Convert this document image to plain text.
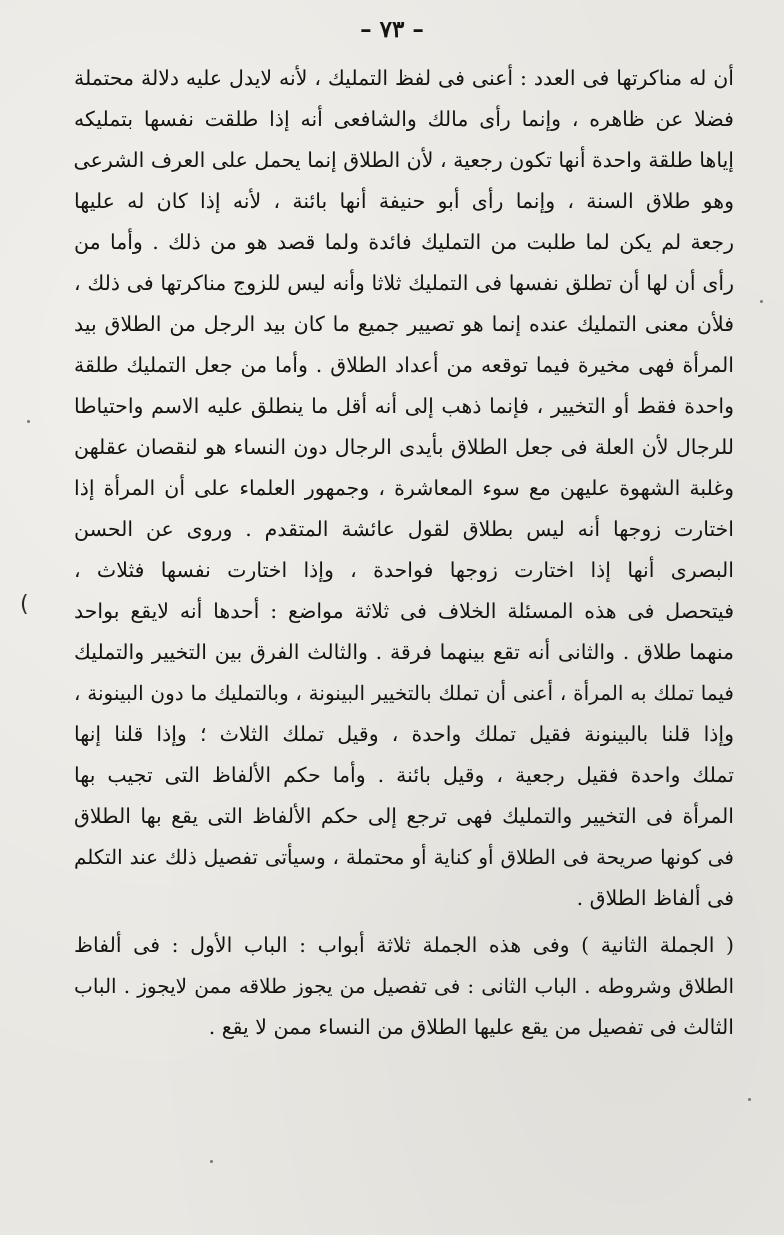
– ٧٣ –
(
أن له مناكرتها فى العدد : أعنى فى لفظ التمليك ، لأنه لايدل عليه دلالة محتملة
فضلا عن ظاهره ، وإنما رأى مالك والشافعى أنه إذا طلقت نفسها بتمليكه
إياها طلقة واحدة أنها تكون رجعية ، لأن الطلاق إنما يحمل على العرف الشرعى
وهو طلاق السنة ، وإنما رأى أبو حنيفة أنها بائنة ، لأنه إذا كان له عليها
رجعة لم يكن لما طلبت من التمليك فائدة ولما قصد هو من ذلك . وأما من
رأى أن لها أن تطلق نفسها فى التمليك ثلاثا وأنه ليس للزوج مناكرتها فى ذلك ،
فلأن معنى التمليك عنده إنما هو تصيير جميع ما كان بيد الرجل من الطلاق بيد
المرأة فهى مخيرة فيما توقعه من أعداد الطلاق . وأما من جعل التمليك طلقة
واحدة فقط أو التخيير ، فإنما ذهب إلى أنه أقل ما ينطلق عليه الاسم واحتياطا
للرجال لأن العلة فى جعل الطلاق بأيدى الرجال دون النساء هو لنقصان عقلهن
وغلبة الشهوة عليهن مع سوء المعاشرة ، وجمهور العلماء على أن المرأة إذا
اختارت زوجها أنه ليس بطلاق لقول عائشة المتقدم . وروى عن الحسن
البصرى أنها إذا اختارت زوجها فواحدة ، وإذا اختارت نفسها فثلاث ،
فيتحصل فى هذه المسئلة الخلاف فى ثلاثة مواضع : أحدها أنه لايقع بواحد
منهما طلاق . والثانى أنه تقع بينهما فرقة . والثالث الفرق بين التخيير والتمليك
فيما تملك به المرأة ، أعنى أن تملك بالتخيير البينونة ، وبالتمليك ما دون البينونة ،
وإذا قلنا بالبينونة فقيل تملك واحدة ، وقيل تملك الثلاث ؛ وإذا قلنا إنها
تملك واحدة فقيل رجعية ، وقيل بائنة . وأما حكم الألفاظ التى تجيب بها
المرأة فى التخيير والتمليك فهى ترجع إلى حكم الألفاظ التى يقع بها الطلاق
فى كونها صريحة فى الطلاق أو كناية أو محتملة ، وسيأتى تفصيل ذلك عند التكلم
فى ألفاظ الطلاق .
( الجملة الثانية ) وفى هذه الجملة ثلاثة أبواب : الباب الأول : فى ألفاظ
الطلاق وشروطه . الباب الثانى : فى تفصيل من يجوز طلاقه ممن لايجوز . الباب
الثالث فى تفصيل من يقع عليها الطلاق من النساء ممن لا يقع .
